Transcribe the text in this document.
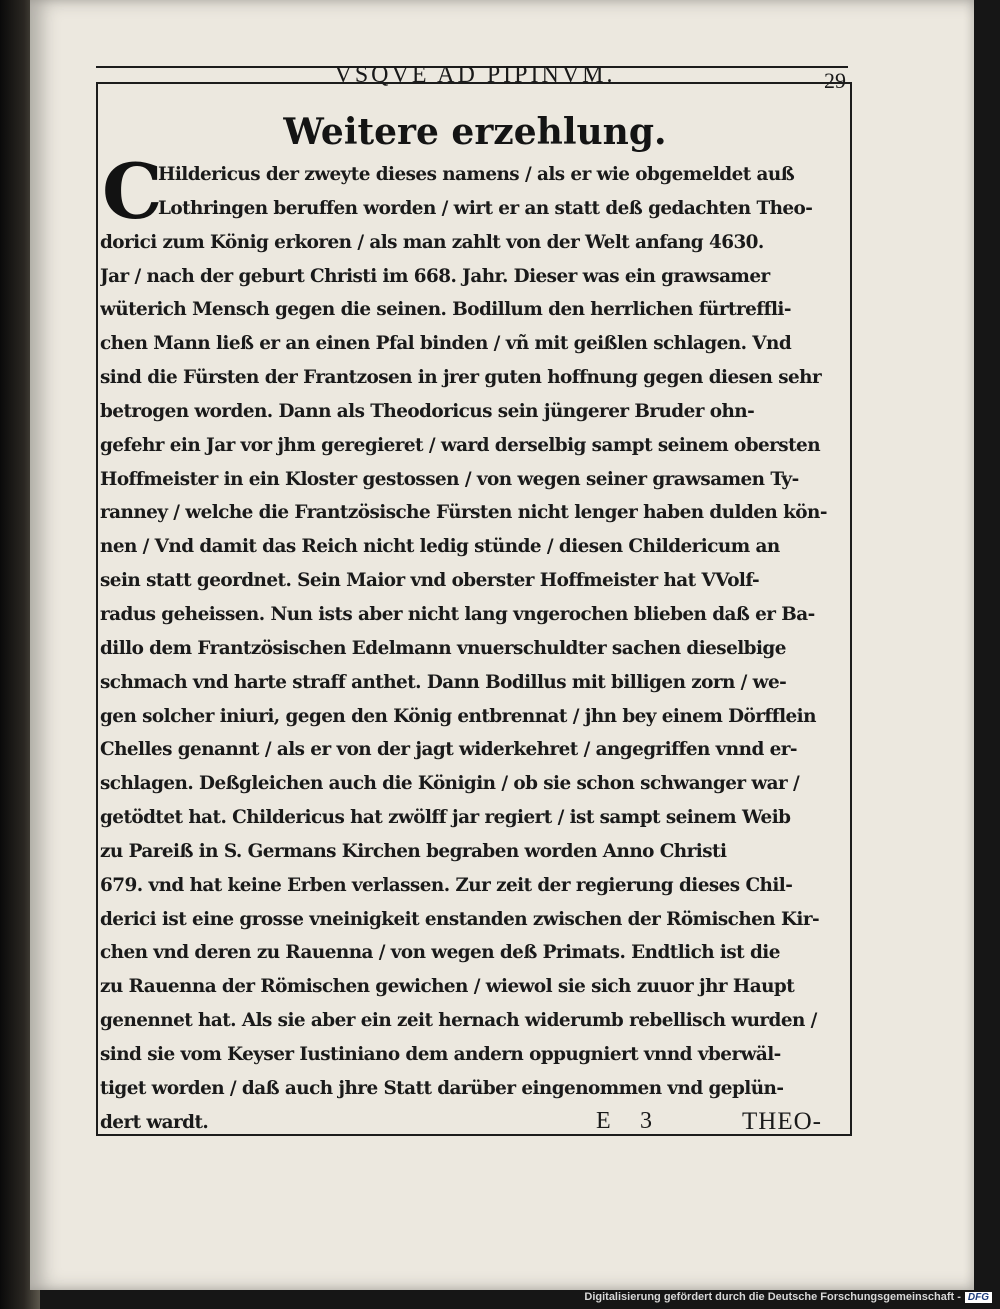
VSQVE AD PIPINVM.	29
Weitere erzehlung.
C
Hildericus der zweyte dieses namens / als er wie obgemeldet auß
Lothringen beruffen worden / wirt er an statt deß gedachten Theo-
dorici zum König erkoren / als man zahlt von der Welt anfang 4630.
Jar / nach der geburt Christi im 668. Jahr. Dieser was ein grawsamer
wüterich Mensch gegen die seinen. Bodillum den herrlichen fürtreffli-
chen Mann ließ er an einen Pfal binden / vñ mit geißlen schlagen. Vnd
sind die Fürsten der Frantzosen in jrer guten hoffnung gegen diesen sehr
betrogen worden. Dann als Theodoricus sein jüngerer Bruder ohn-
gefehr ein Jar vor jhm geregieret / ward derselbig sampt seinem obersten
Hoffmeister in ein Kloster gestossen / von wegen seiner grawsamen Ty-
ranney / welche die Frantzösische Fürsten nicht lenger haben dulden kön-
nen / Vnd damit das Reich nicht ledig stünde / diesen Childericum an
sein statt geordnet. Sein Maior vnd oberster Hoffmeister hat VVolf-
radus geheissen. Nun ists aber nicht lang vngerochen blieben daß er Ba-
dillo dem Frantzösischen Edelmann vnuerschuldter sachen dieselbige
schmach vnd harte straff anthet. Dann Bodillus mit billigen zorn / we-
gen solcher iniuri, gegen den König entbrennat / jhn bey einem Dörfflein
Chelles genannt / als er von der jagt widerkehret / angegriffen vnnd er-
schlagen. Deßgleichen auch die Königin / ob sie schon schwanger war /
getödtet hat. Childericus hat zwölff jar regiert / ist sampt seinem Weib
zu Pareiß in S. Germans Kirchen begraben worden Anno Christi
679. vnd hat keine Erben verlassen. Zur zeit der regierung dieses Chil-
derici ist eine grosse vneinigkeit enstanden zwischen der Römischen Kir-
chen vnd deren zu Rauenna / von wegen deß Primats. Endtlich ist die
zu Rauenna der Römischen gewichen / wiewol sie sich zuuor jhr Haupt
genennet hat. Als sie aber ein zeit hernach widerumb rebellisch wurden /
sind sie vom Keyser Iustiniano dem andern oppugniert vnnd vberwäl-
tiget worden / daß auch jhre Statt darüber eingenommen vnd geplün-
dert wardt.	E 3	THEO-
Digitalisierung gefördert durch die Deutsche Forschungsgemeinschaft - DFG
